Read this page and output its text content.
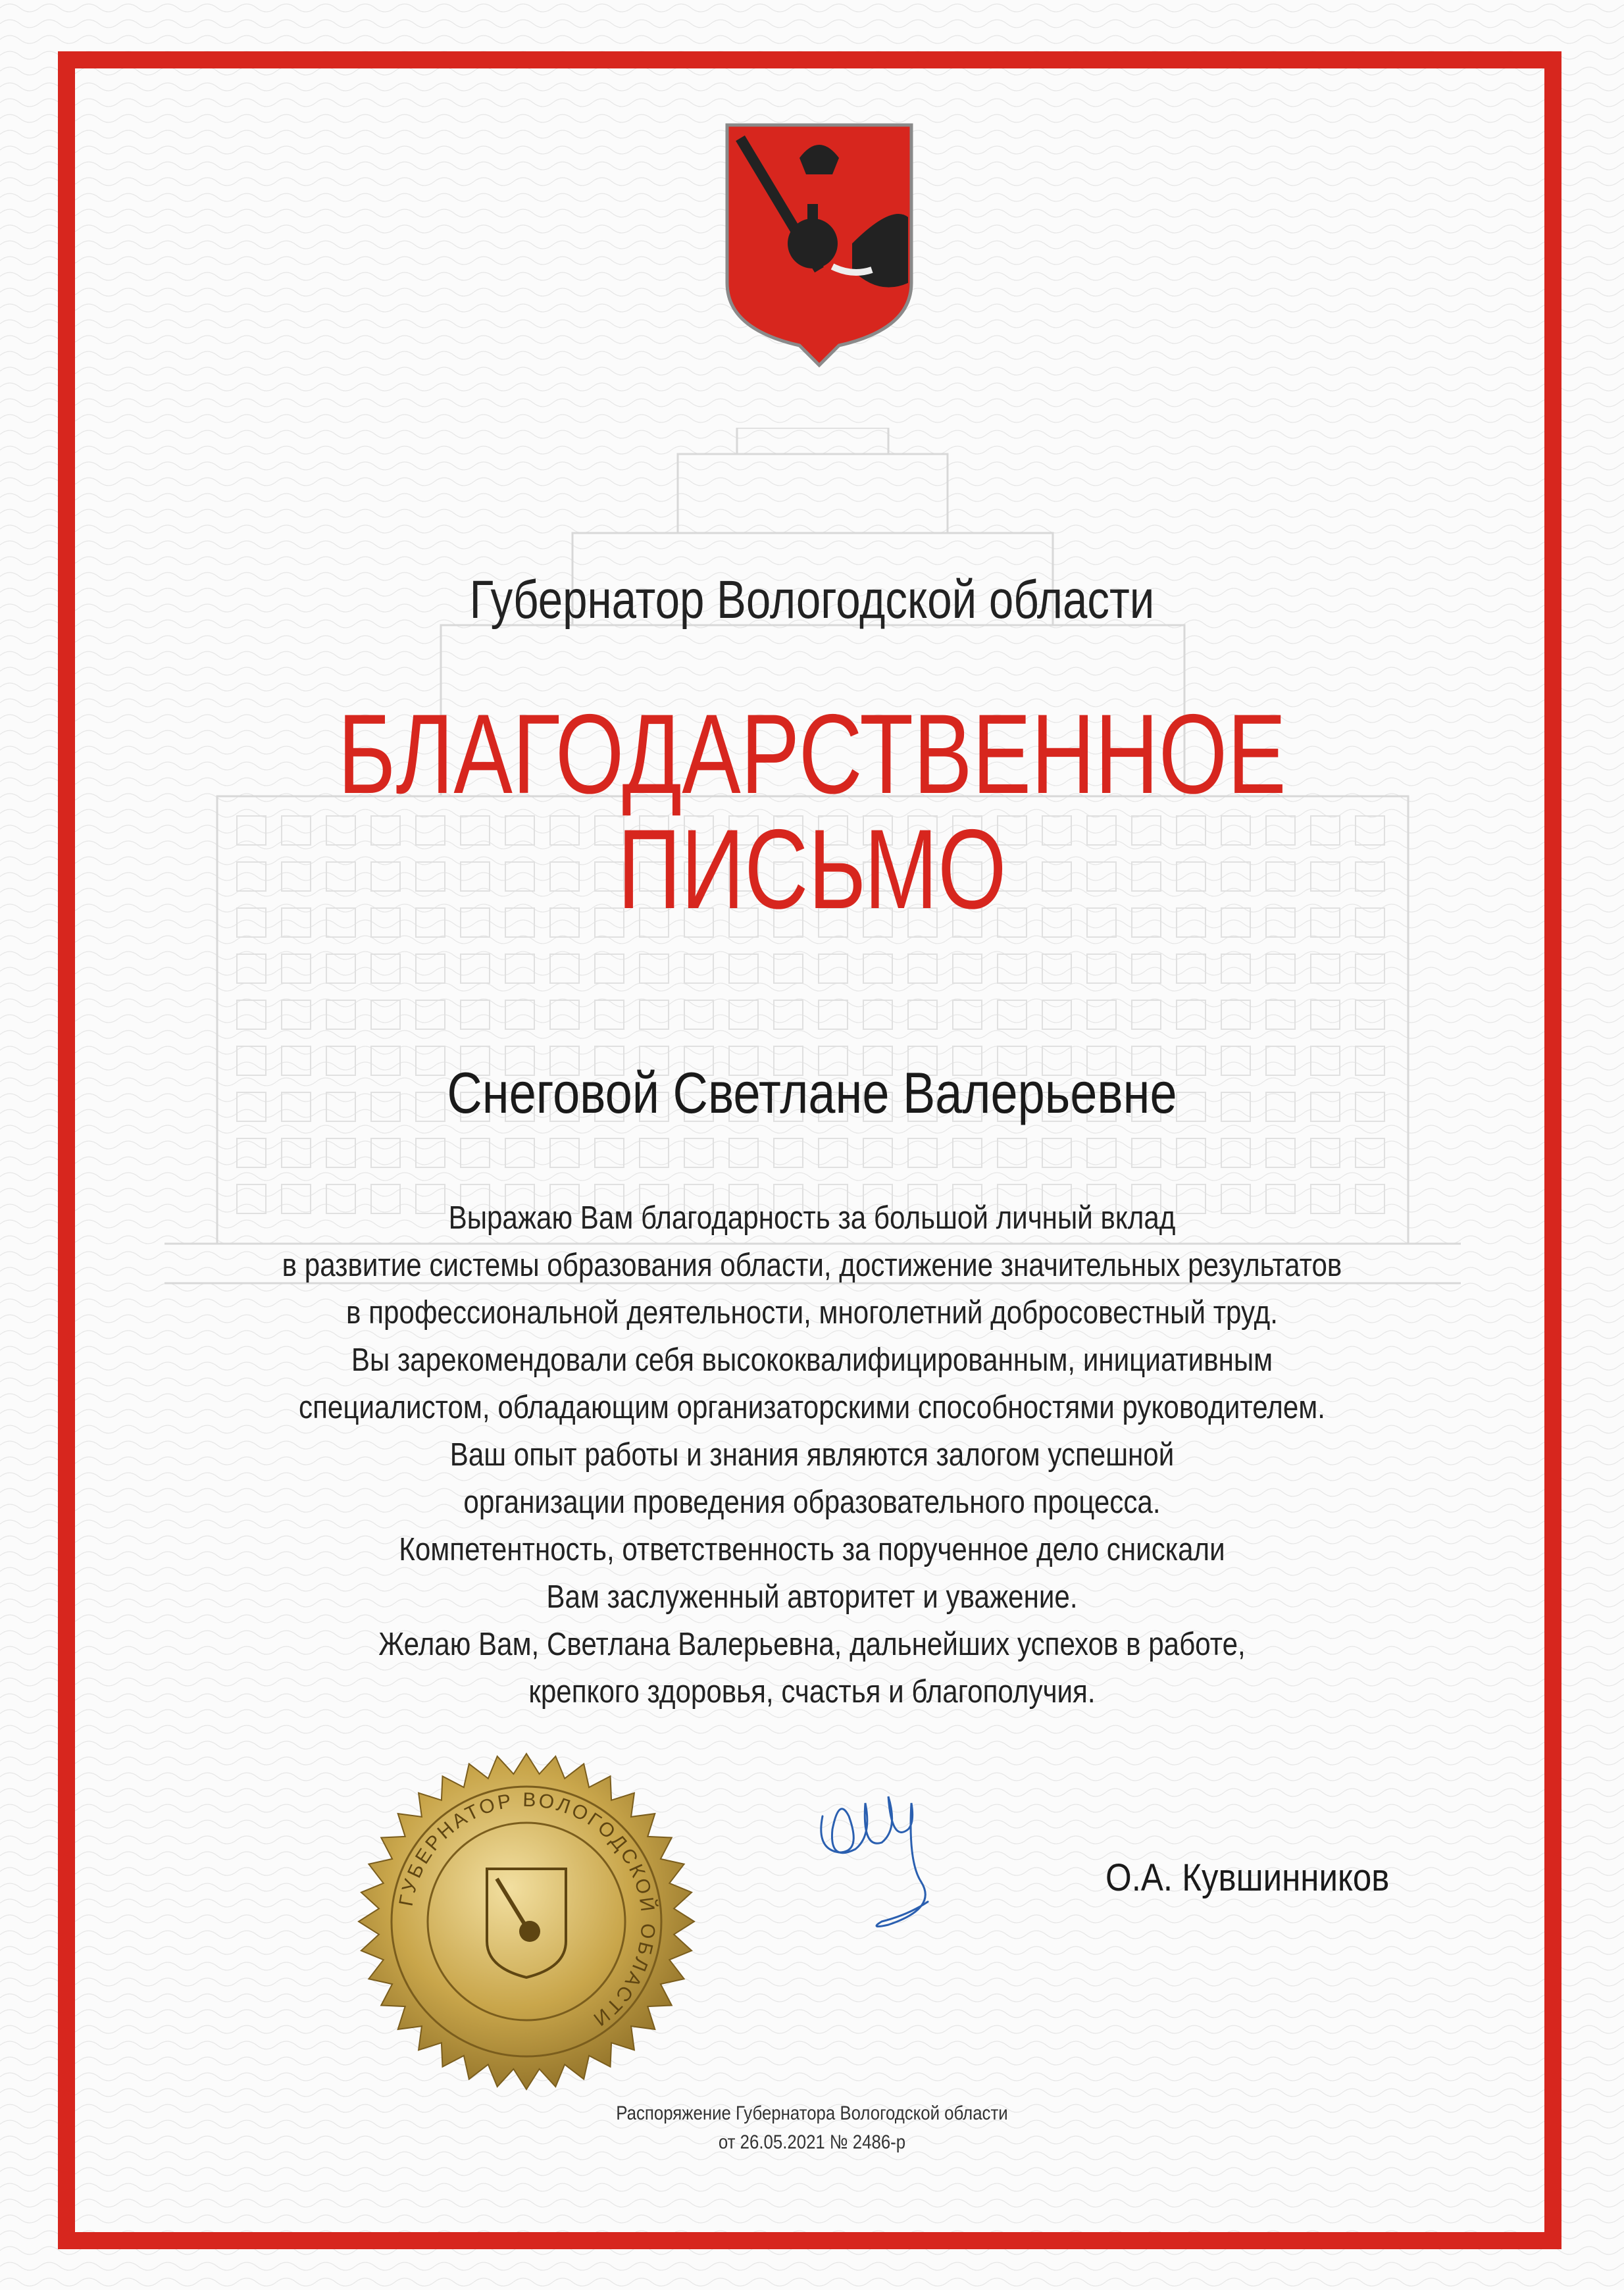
Губернатор Вологодской области
БЛАГОДАРСТВЕННОЕ
ПИСЬМО
Снеговой Светлане Валерьевне
Выражаю Вам благодарность за большой личный вклад
в развитие системы образования области, достижение значительных результатов
в профессиональной деятельности, многолетний добросовестный труд.
Вы зарекомендовали себя высококвалифицированным, инициативным
специалистом, обладающим организаторскими способностями руководителем.
Ваш опыт работы и знания являются залогом успешной
организации проведения образовательного процесса.
Компетентность, ответственность за порученное дело снискали
Вам заслуженный авторитет и уважение.
Желаю Вам, Светлана Валерьевна, дальнейших успехов в работе,
крепкого здоровья, счастья и благополучия.
ГУБЕРНАТОР ВОЛОГОДСКОЙ ОБЛАСТИ
О.А. Кувшинников
Распоряжение Губернатора Вологодской области
от 26.05.2021 № 2486-р
